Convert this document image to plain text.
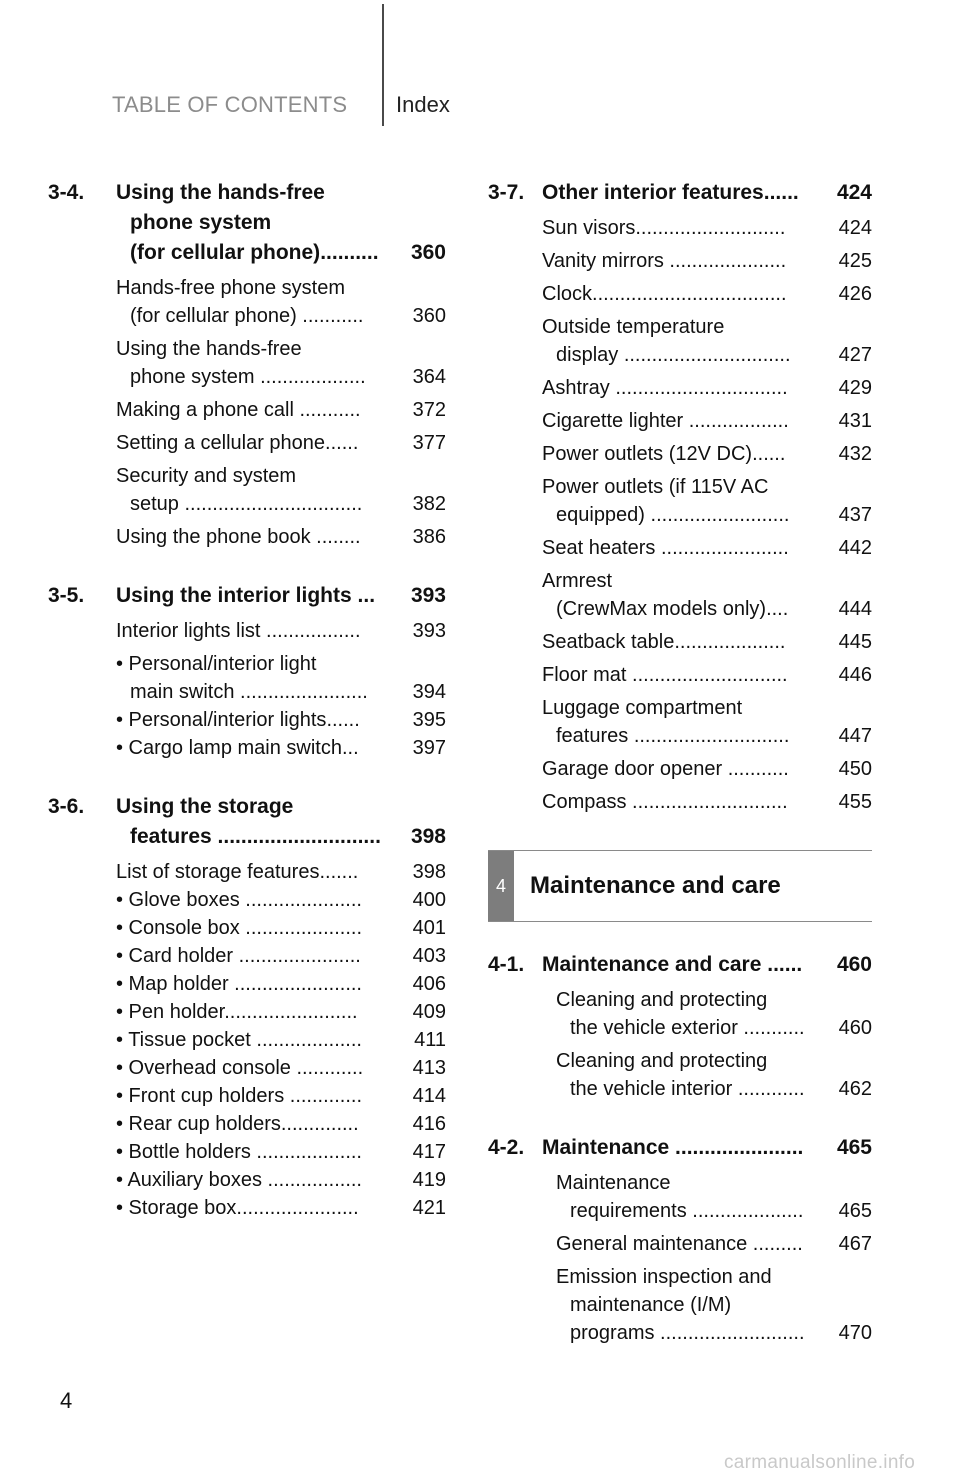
TABLE OF CONTENTS Index
3-4.	Using the hands-free
phone system
(for cellular phone)..........	360
Hands-free phone system
(for cellular phone) ...........	360
Using the hands-free
phone system ...................	364
Making a phone call ...........	372
Setting a cellular phone......	377
Security and system
setup ................................	382
Using the phone book ........	386
3-5.	Using the interior lights ...	393
Interior lights list .................	393
• Personal/interior light
main switch .......................	394
• Personal/interior lights......	395
• Cargo lamp main switch...	397
3-6.	Using the storage
features ............................	398
List of storage features.......	398
• Glove boxes .....................	400
• Console box .....................	401
• Card holder ......................	403
• Map holder .......................	406
• Pen holder........................	409
• Tissue pocket ...................	411
• Overhead console ............	413
• Front cup holders .............	414
• Rear cup holders..............	416
• Bottle holders ...................	417
• Auxiliary boxes .................	419
• Storage box......................	421
3-7. Other interior features......	424
Sun visors...........................	424
Vanity mirrors .....................	425
Clock...................................	426
Outside temperature
display ..............................	427
Ashtray ...............................	429
Cigarette lighter ..................	431
Power outlets (12V DC)......	432
Power outlets (if 115V AC
equipped) .........................	437
Seat heaters .......................	442
Armrest
(CrewMax models only)....	444
Seatback table....................	445
Floor mat ............................	446
Luggage compartment
features ............................	447
Garage door opener ...........	450
Compass ............................	455
4	Maintenance and care
4-1. Maintenance and care ......	460
Cleaning and protecting
the vehicle exterior ...........	460
Cleaning and protecting
the vehicle interior ............	462
4-2. Maintenance ......................	465
Maintenance
requirements ....................	465
General maintenance .........	467
Emission inspection and
maintenance (I/M)
programs ..........................	470
4
carmanualsonline.info
